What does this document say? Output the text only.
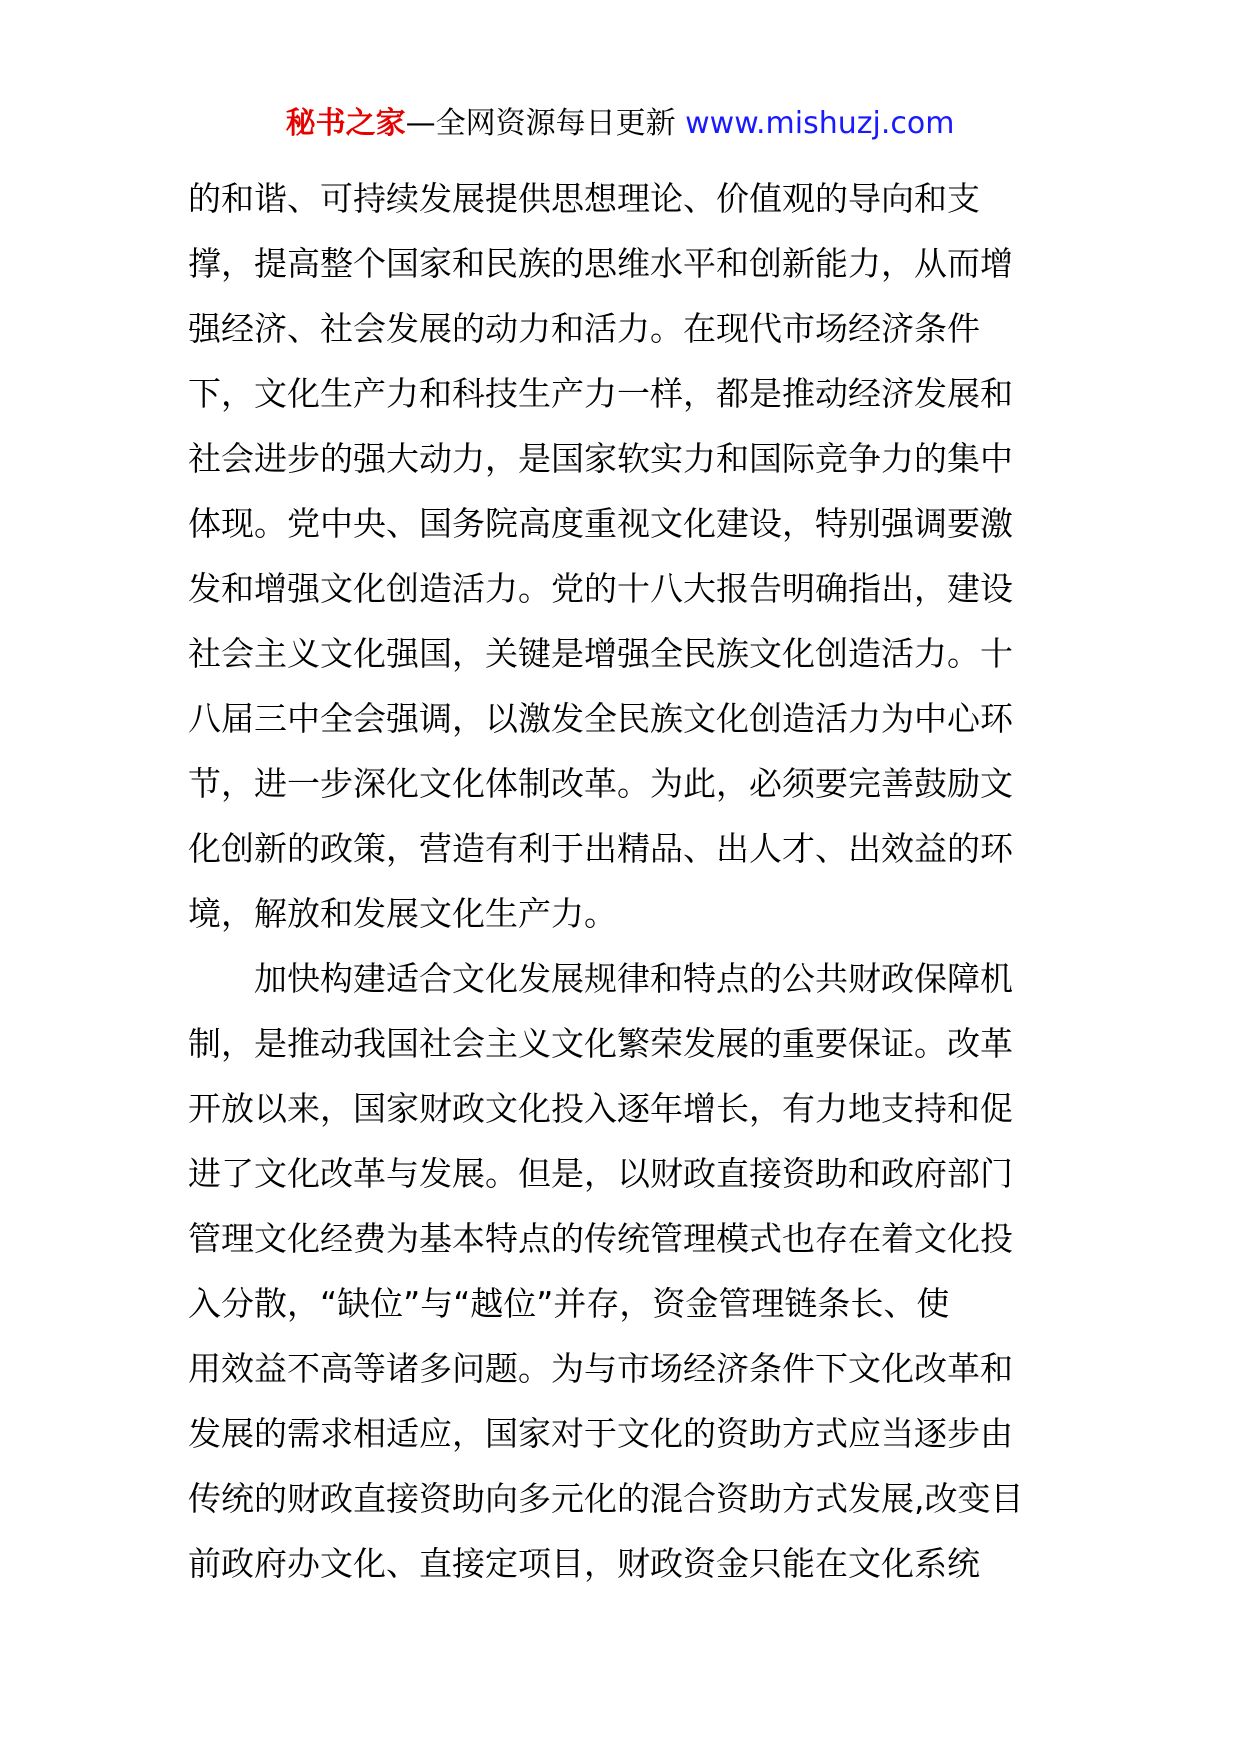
秘书之家—全网资源每日更新 www.mishuzj.com
的和谐、可持续发展提供思想理论、价值观的导向和支
撑，提高整个国家和民族的思维水平和创新能力，从而增
强经济、社会发展的动力和活力。在现代市场经济条件
下，文化生产力和科技生产力一样，都是推动经济发展和
社会进步的强大动力，是国家软实力和国际竞争力的集中
体现。党中央、国务院高度重视文化建设，特别强调要激
发和增强文化创造活力。党的十八大报告明确指出，建设
社会主义文化强国，关键是增强全民族文化创造活力。十
八届三中全会强调，以激发全民族文化创造活力为中心环
节，进一步深化文化体制改革。为此，必须要完善鼓励文
化创新的政策，营造有利于出精品、出人才、出效益的环
境，解放和发展文化生产力。
加快构建适合文化发展规律和特点的公共财政保障机
制，是推动我国社会主义文化繁荣发展的重要保证。改革
开放以来，国家财政文化投入逐年增长，有力地支持和促
进了文化改革与发展。但是，以财政直接资助和政府部门
管理文化经费为基本特点的传统管理模式也存在着文化投
入分散，“缺位”与“越位”并存，资金管理链条长、使
用效益不高等诸多问题。为与市场经济条件下文化改革和
发展的需求相适应，国家对于文化的资助方式应当逐步由
传统的财政直接资助向多元化的混合资助方式发展,改变目
前政府办文化、直接定项目，财政资金只能在文化系统
